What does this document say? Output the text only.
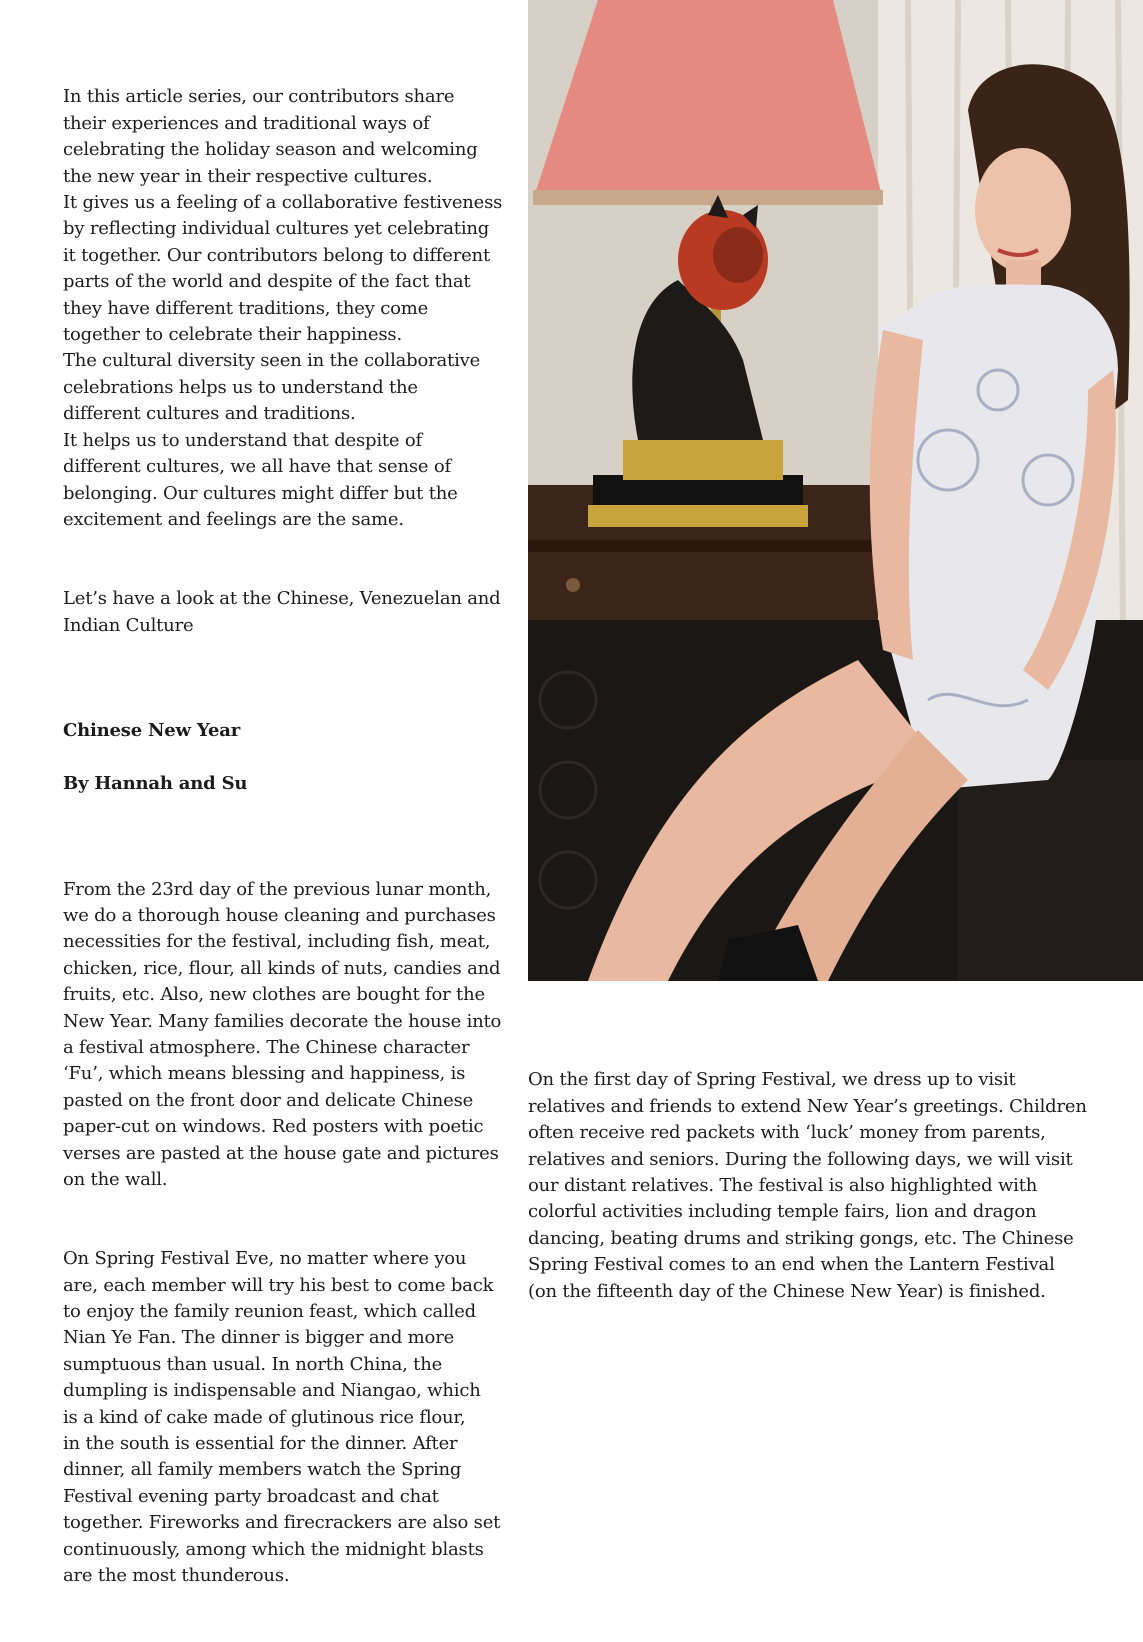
In this article series, our contributors share
their experiences and traditional ways of
celebrating the holiday season and welcoming
the new year in their respective cultures.
It gives us a feeling of a collaborative festiveness
by reflecting individual cultures yet celebrating
it together. Our contributors belong to different
parts of the world and despite of the fact that
they have different traditions, they come
together to celebrate their happiness.
The cultural diversity seen in the collaborative
celebrations helps us to understand the
different cultures and traditions.
It helps us to understand that despite of
different cultures, we all have that sense of
belonging. Our cultures might differ but the
excitement and feelings are the same.

Let’s have a look at the Chinese, Venezuelan and
Indian Culture

Chinese New Year

By Hannah and Su

From the 23rd day of the previous lunar month,
we do a thorough house cleaning and purchases
necessities for the festival, including fish, meat,
chicken, rice, flour, all kinds of nuts, candies and
fruits, etc. Also, new clothes are bought for the
New Year. Many families decorate the house into
a festival atmosphere. The Chinese character
‘Fu’, which means blessing and happiness, is
pasted on the front door and delicate Chinese
paper-cut on windows. Red posters with poetic
verses are pasted at the house gate and pictures
on the wall.

On Spring Festival Eve, no matter where you
are, each member will try his best to come back
to enjoy the family reunion feast, which called
Nian Ye Fan. The dinner is bigger and more
sumptuous than usual. In north China, the
dumpling is indispensable and Niangao, which
is a kind of cake made of glutinous rice flour,
in the south is essential for the dinner. After
dinner, all family members watch the Spring
Festival evening party broadcast and chat
together. Fireworks and firecrackers are also set
continuously, among which the midnight blasts
are the most thunderous.

On the first day of Spring Festival, we dress up to visit
relatives and friends to extend New Year’s greetings. Children
often receive red packets with ‘luck’ money from parents,
relatives and seniors. During the following days, we will visit
our distant relatives. The festival is also highlighted with
colorful activities including temple fairs, lion and dragon
dancing, beating drums and striking gongs, etc. The Chinese
Spring Festival comes to an end when the Lantern Festival
(on the fifteenth day of the Chinese New Year) is finished.
